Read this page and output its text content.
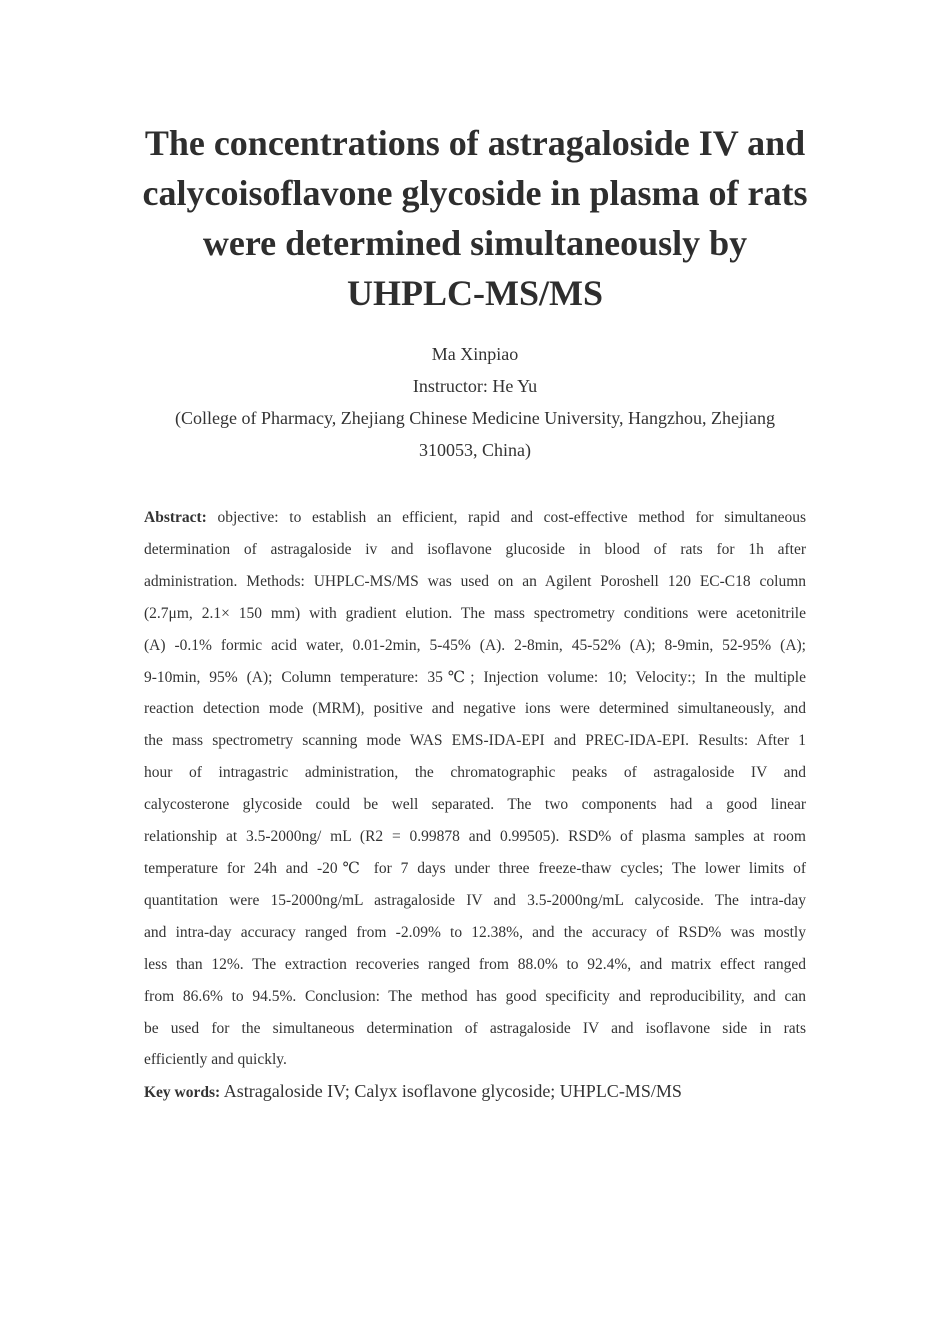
The concentrations of astragaloside IV and
calycoisoflavone glycoside in plasma of rats
were determined simultaneously by
UHPLC-MS/MS
Ma Xinpiao
Instructor: He Yu
(College of Pharmacy, Zhejiang Chinese Medicine University, Hangzhou, Zhejiang
310053, China)

Abstract: objective: to establish an efficient, rapid and cost-effective method for simultaneous

determination of astragaloside iv and isoflavone glucoside in blood of rats for 1h after

administration. Methods: UHPLC-MS/MS was used on an Agilent Poroshell 120 EC-C18 column

(2.7μm, 2.1× 150 mm) with gradient elution. The mass spectrometry conditions were acetonitrile

(A) -0.1% formic acid water, 0.01-2min, 5-45% (A). 2-8min, 45-52% (A); 8-9min, 52-95% (A);

9-10min, 95% (A); Column temperature: 35℃; Injection volume: 10; Velocity:; In the multiple

reaction detection mode (MRM), positive and negative ions were determined simultaneously, and

the mass spectrometry scanning mode WAS EMS-IDA-EPI and PREC-IDA-EPI. Results: After 1

hour of intragastric administration, the chromatographic peaks of astragaloside IV and

calycosterone glycoside could be well separated. The two components had a good linear

relationship at 3.5-2000ng/ mL (R2 = 0.99878 and 0.99505). RSD% of plasma samples at room

temperature for 24h and -20℃ for 7 days under three freeze-thaw cycles; The lower limits of

quantitation were 15-2000ng/mL astragaloside IV and 3.5-2000ng/mL calycoside. The intra-day

and intra-day accuracy ranged from -2.09% to 12.38%, and the accuracy of RSD% was mostly

less than 12%. The extraction recoveries ranged from 88.0% to 92.4%, and matrix effect ranged

from 86.6% to 94.5%. Conclusion: The method has good specificity and reproducibility, and can

be used for the simultaneous determination of astragaloside IV and isoflavone side in rats

efficiently and quickly.

Key words: Astragaloside IV; Calyx isoflavone glycoside; UHPLC-MS/MS
